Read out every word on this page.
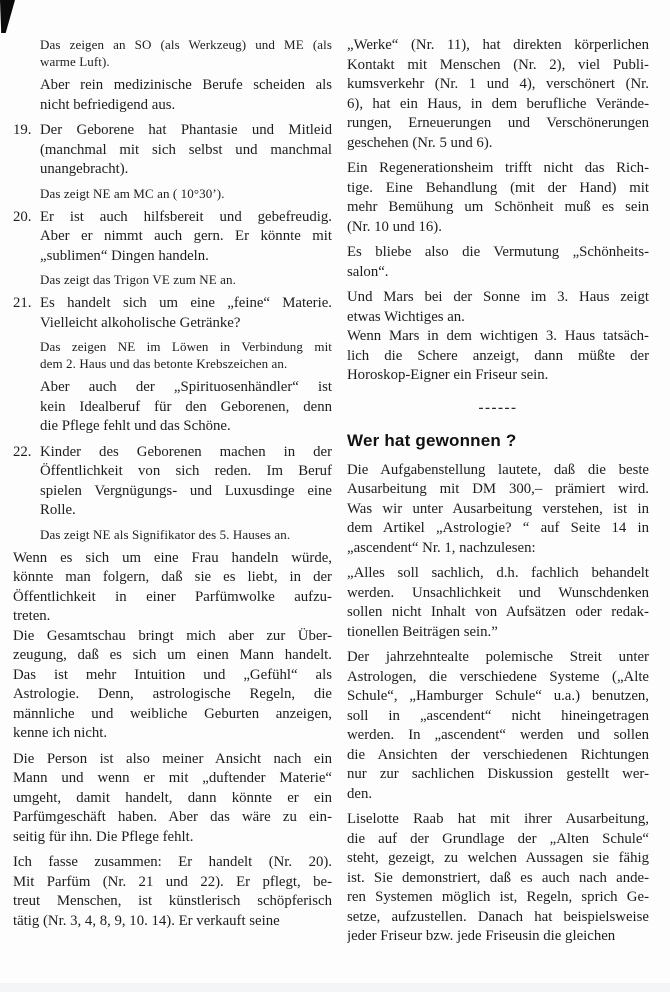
Das zeigen an SO (als Werkzeug) und ME (als
warme Luft).
Aber rein medizinische Berufe scheiden als
nicht befriedigend aus.
19. Der Geborene hat Phantasie und Mitleid
(manchmal mit sich selbst und manchmal
unangebracht).
Das zeigt NE am MC an ( 10°30’).
20. Er ist auch hilfsbereit und gebefreudig.
Aber er nimmt auch gern. Er könnte mit
„sublimen“ Dingen handeln.
Das zeigt das Trigon VE zum NE an.
21. Es handelt sich um eine „feine“ Materie.
Vielleicht alkoholische Getränke?
Das zeigen NE im Löwen in Verbindung mit
dem 2. Haus und das betonte Krebszeichen an.
Aber auch der „Spirituosenhändler“ ist
kein Idealberuf für den Geborenen, denn
die Pflege fehlt und das Schöne.
22. Kinder des Geborenen machen in der
Öffentlichkeit von sich reden. Im Beruf
spielen Vergnügungs- und Luxusdinge eine
Rolle.
Das zeigt NE als Signifikator des 5. Hauses an.
Wenn es sich um eine Frau handeln würde,
könnte man folgern, daß sie es liebt, in der
Öffentlichkeit in einer Parfümwolke aufzu-
treten.
Die Gesamtschau bringt mich aber zur Über-
zeugung, daß es sich um einen Mann handelt.
Das ist mehr Intuition und „Gefühl“ als
Astrologie. Denn, astrologische Regeln, die
männliche und weibliche Geburten anzeigen,
kenne ich nicht.
Die Person ist also meiner Ansicht nach ein
Mann und wenn er mit „duftender Materie“
umgeht, damit handelt, dann könnte er ein
Parfümgeschäft haben. Aber das wäre zu ein-
seitig für ihn. Die Pflege fehlt.
Ich fasse zusammen: Er handelt (Nr. 20).
Mit Parfüm (Nr. 21 und 22). Er pflegt, be-
treut Menschen, ist künstlerisch schöpferisch
tätig (Nr. 3, 4, 8, 9, 10. 14). Er verkauft seine
„Werke“ (Nr. 11), hat direkten körperlichen
Kontakt mit Menschen (Nr. 2), viel Publi-
kumsverkehr (Nr. 1 und 4), verschönert (Nr.
6), hat ein Haus, in dem berufliche Verände-
rungen, Erneuerungen und Verschönerungen
geschehen (Nr. 5 und 6).
Ein Regenerationsheim trifft nicht das Rich-
tige. Eine Behandlung (mit der Hand) mit
mehr Bemühung um Schönheit muß es sein
(Nr. 10 und 16).
Es bliebe also die Vermutung „Schönheits-
salon“.
Und Mars bei der Sonne im 3. Haus zeigt
etwas Wichtiges an.
Wenn Mars in dem wichtigen 3. Haus tatsäch-
lich die Schere anzeigt, dann müßte der
Horoskop-Eigner ein Friseur sein.
------
Wer hat gewonnen ?
Die Aufgabenstellung lautete, daß die beste
Ausarbeitung mit DM 300,– prämiert wird.
Was wir unter Ausarbeitung verstehen, ist in
dem Artikel „Astrologie? “ auf Seite 14 in
„ascendent“ Nr. 1, nachzulesen:
„Alles soll sachlich, d.h. fachlich behandelt
werden. Unsachlichkeit und Wunschdenken
sollen nicht Inhalt von Aufsätzen oder redak-
tionellen Beiträgen sein.”
Der jahrzehntealte polemische Streit unter
Astrologen, die verschiedene Systeme („Alte
Schule“, „Hamburger Schule“ u.a.) benutzen,
soll in „ascendent“ nicht hineingetragen
werden. In „ascendent“ werden und sollen
die Ansichten der verschiedenen Richtungen
nur zur sachlichen Diskussion gestellt wer-
den.
Liselotte Raab hat mit ihrer Ausarbeitung,
die auf der Grundlage der „Alten Schule“
steht, gezeigt, zu welchen Aussagen sie fähig
ist. Sie demonstriert, daß es auch nach ande-
ren Systemen möglich ist, Regeln, sprich Ge-
setze, aufzustellen. Danach hat beispielsweise
jeder Friseur bzw. jede Friseusin die gleichen
